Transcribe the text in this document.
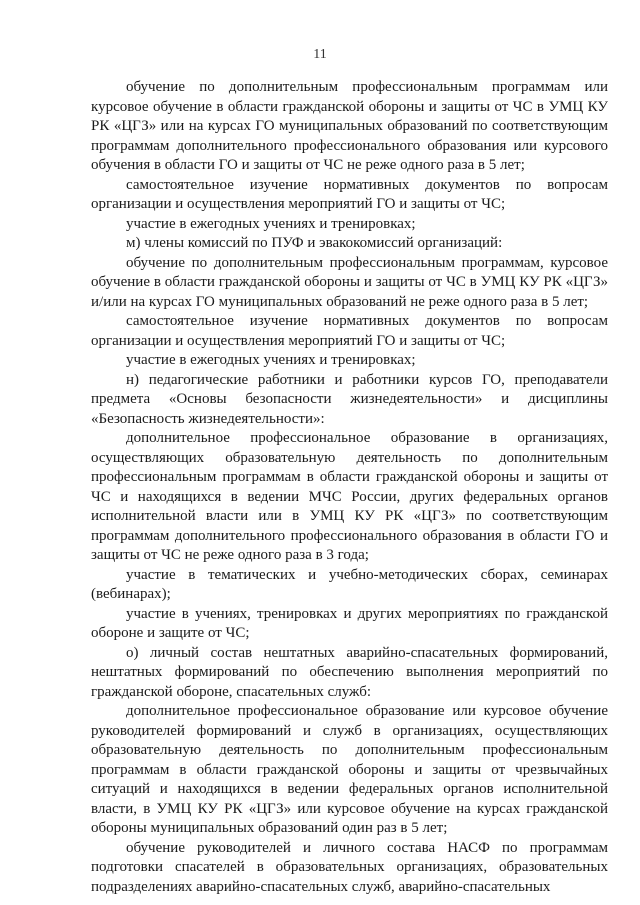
11

обучение по дополнительным профессиональным программам или курсовое обучение в области гражданской обороны и защиты от ЧС в УМЦ КУ РК «ЦГЗ» или на курсах ГО муниципальных образований по соответствующим программам дополнительного профессионального образования или курсового обучения в области ГО и защиты от ЧС не реже одного раза в 5 лет;

самостоятельное изучение нормативных документов по вопросам организации и осуществления мероприятий ГО и защиты от ЧС;

участие в ежегодных учениях и тренировках;

м) члены комиссий по ПУФ и эвакокомиссий организаций:

обучение по дополнительным профессиональным программам, курсовое обучение в области гражданской обороны и защиты от ЧС в УМЦ КУ РК «ЦГЗ» и/или на курсах ГО муниципальных образований не реже одного раза в 5 лет;

самостоятельное изучение нормативных документов по вопросам организации и осуществления мероприятий ГО и защиты от ЧС;

участие в ежегодных учениях и тренировках;

н) педагогические работники и работники курсов ГО, преподаватели предмета «Основы безопасности жизнедеятельности» и дисциплины «Безопасность жизнедеятельности»:

дополнительное профессиональное образование в организациях, осуществляющих образовательную деятельность по дополнительным профессиональным программам в области гражданской обороны и защиты от ЧС и находящихся в ведении МЧС России, других федеральных органов исполнительной власти или в УМЦ КУ РК «ЦГЗ» по соответствующим программам дополнительного профессионального образования в области ГО и защиты от ЧС не реже одного раза в 3 года;

участие в тематических и учебно-методических сборах, семинарах (вебинарах);

участие в учениях, тренировках и других мероприятиях по гражданской обороне и защите от ЧС;

о) личный состав нештатных аварийно-спасательных формирований, нештатных формирований по обеспечению выполнения мероприятий по гражданской обороне, спасательных служб:

дополнительное профессиональное образование или курсовое обучение руководителей формирований и служб в организациях, осуществляющих образовательную деятельность по дополнительным профессиональным программам в области гражданской обороны и защиты от чрезвычайных ситуаций и находящихся в ведении федеральных органов исполнительной власти, в УМЦ КУ РК «ЦГЗ» или курсовое обучение на курсах гражданской обороны муниципальных образований один раз в 5 лет;

обучение руководителей и личного состава НАСФ по программам подготовки спасателей в образовательных организациях, образовательных подразделениях аварийно-спасательных служб, аварийно-спасательных
